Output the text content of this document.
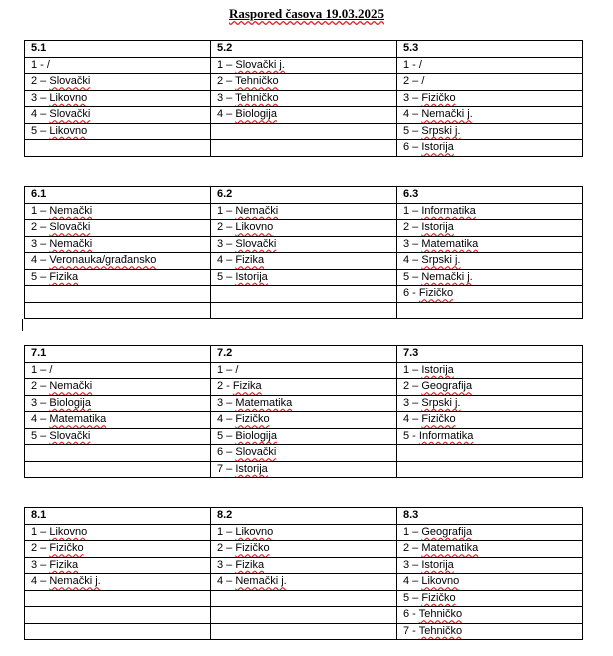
Raspored časova 19.03.2025
5.1	5.2	5.3
1 - /	1 – Slovački j.	1 - /
2 – Slovački	2 – Tehničko	2 – /
3 – Likovno	3 – Tehničko	3 – Fizičko
4 – Slovački	4 – Biologija	4 – Nemački j.
5 – Likovno		5 – Srpski j.
		6 – Istorija
6.1	6.2	6.3
1 – Nemački	1 – Nemački	1 – Informatika
2 – Slovački	2 – Likovno	2 – Istorija
3 – Nemački	3 – Slovački	3 – Matematika
4 – Veronauka/građansko	4 – Fizika	4 – Srpski j.
5 – Fizika	5 – Istorija	5 – Nemački j.
		6 - Fizičko

7.1	7.2	7.3
1 – /	1 – /	1 – Istorija
2 – Nemački	2 - Fizika	2 – Geografija
3 – Biologija	3 – Matematika	3 – Srpski j.
4 – Matematika	4 – Fizičko	4 – Fizičko
5 – Slovački	5 – Biologija	5 - Informatika
	6 – Slovački	
	7 – Istorija	
8.1	8.2	8.3
1 – Likovno	1 – Likovno	1 – Geografija
2 – Fizičko	2 – Fizičko	2 – Matematika
3 – Fizika	3 – Fizika	3 – Istorija
4 – Nemački j.	4 – Nemački j.	4 – Likovno
		5 – Fizičko
		6 - Tehničko
		7 - Tehničko
